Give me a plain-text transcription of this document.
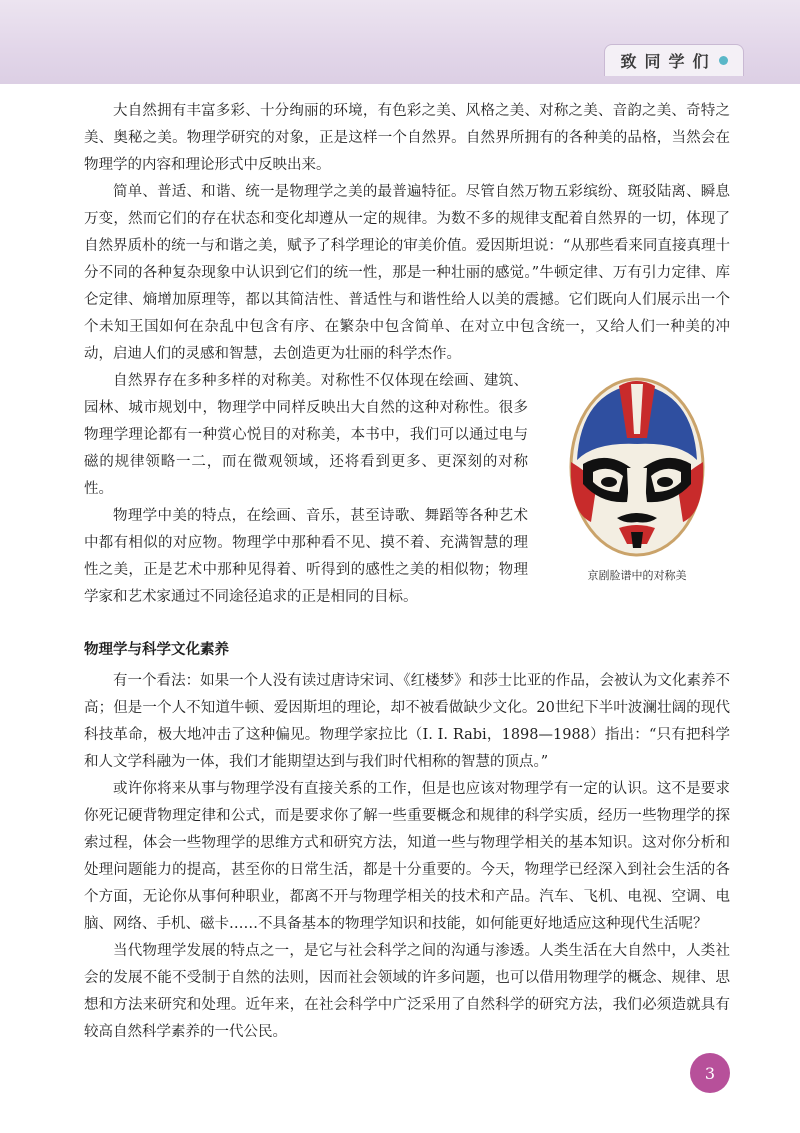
致同学们

大自然拥有丰富多彩、十分绚丽的环境，有色彩之美、风格之美、对称之美、音韵之美、奇特之美、奥秘之美。物理学研究的对象，正是这样一个自然界。自然界所拥有的各种美的品格，当然会在物理学的内容和理论形式中反映出来。

简单、普适、和谐、统一是物理学之美的最普遍特征。尽管自然万物五彩缤纷、斑驳陆离、瞬息万变，然而它们的存在状态和变化却遵从一定的规律。为数不多的规律支配着自然界的一切，体现了自然界质朴的统一与和谐之美，赋予了科学理论的审美价值。爱因斯坦说：“从那些看来同直接真理十分不同的各种复杂现象中认识到它们的统一性，那是一种壮丽的感觉。”牛顿定律、万有引力定律、库仑定律、熵增加原理等，都以其简洁性、普适性与和谐性给人以美的震撼。它们既向人们展示出一个个未知王国如何在杂乱中包含有序、在繁杂中包含简单、在对立中包含统一，又给人们一种美的冲动，启迪人们的灵感和智慧，去创造更为壮丽的科学杰作。

京剧脸谱中的对称美

自然界存在多种多样的对称美。对称性不仅体现在绘画、建筑、园林、城市规划中，物理学中同样反映出大自然的这种对称性。很多物理学理论都有一种赏心悦目的对称美，本书中，我们可以通过电与磁的规律领略一二，而在微观领域，还将看到更多、更深刻的对称性。

物理学中美的特点，在绘画、音乐，甚至诗歌、舞蹈等各种艺术中都有相似的对应物。物理学中那种看不见、摸不着、充满智慧的理性之美，正是艺术中那种见得着、听得到的感性之美的相似物；物理学家和艺术家通过不同途径追求的正是相同的目标。

物理学与科学文化素养

有一个看法：如果一个人没有读过唐诗宋词、《红楼梦》和莎士比亚的作品，会被认为文化素养不高；但是一个人不知道牛顿、爱因斯坦的理论，却不被看做缺少文化。20世纪下半叶波澜壮阔的现代科技革命，极大地冲击了这种偏见。物理学家拉比（I. I. Rabi，1898—1988）指出：“只有把科学和人文学科融为一体，我们才能期望达到与我们时代相称的智慧的顶点。”

或许你将来从事与物理学没有直接关系的工作，但是也应该对物理学有一定的认识。这不是要求你死记硬背物理定律和公式，而是要求你了解一些重要概念和规律的科学实质，经历一些物理学的探索过程，体会一些物理学的思维方式和研究方法，知道一些与物理学相关的基本知识。这对你分析和处理问题能力的提高，甚至你的日常生活，都是十分重要的。今天，物理学已经深入到社会生活的各个方面，无论你从事何种职业，都离不开与物理学相关的技术和产品。汽车、飞机、电视、空调、电脑、网络、手机、磁卡……不具备基本的物理学知识和技能，如何能更好地适应这种现代生活呢？

当代物理学发展的特点之一，是它与社会科学之间的沟通与渗透。人类生活在大自然中，人类社会的发展不能不受制于自然的法则，因而社会领域的许多问题，也可以借用物理学的概念、规律、思想和方法来研究和处理。近年来，在社会科学中广泛采用了自然科学的研究方法，我们必须造就具有较高自然科学素养的一代公民。

3
